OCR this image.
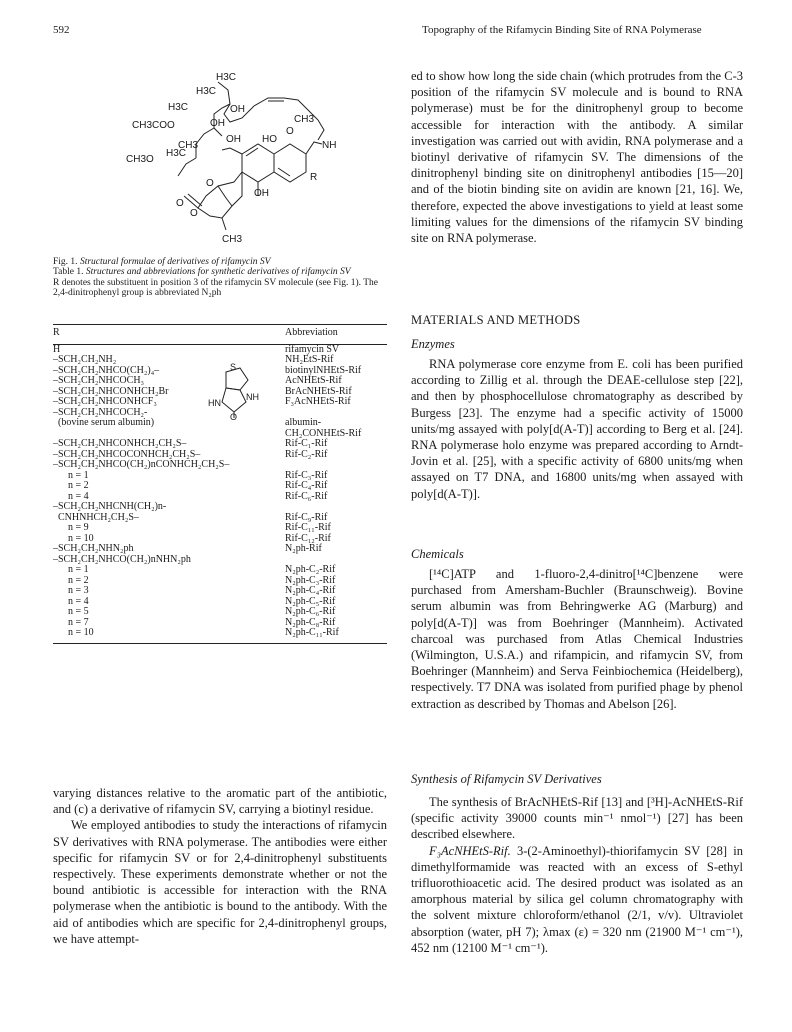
592	Topography of the Rifamycin Binding Site of RNA Polymerase
H3C
H3C
H3C	OH
CH3
CH3COO	OH
CH3
OH HO
O
NH
CH3O
H3C
R
O
OH
O
CH3
O
Fig. 1. Structural formulae of derivatives of rifamycin SV
Table 1. Structures and abbreviations for synthetic derivatives of rifamycin SV
R denotes the substituent in position 3 of the rifamycin SV molecule (see Fig. 1). The 2,4-dinitrophenyl group is abbreviated N₂ph
R	Abbreviation
H	rifamycin SV
–SCH₂CH₂NH₂	NH₂EtS-Rif
–SCH₂CH₂NHCO(CH₂)₄–	biotinylNHEtS-Rif

–SCH₂CH₂NHCOCH₃	AcNHEtS-Rif
–SCH₂CH₂NHCONHCH₂Br	BrAcNHEtS-Rif
–SCH₂CH₂NHCONHCF₃	F₃AcNHEtS-Rif
–SCH₂CH₂NHCOCH₂-	
(bovine serum albumin)	albumin-
	CH₂CONHEtS-Rif
–SCH₂CH₂NHCONHCH₂CH₂S–	Rif-C₁-Rif
–SCH₂CH₂NHCOCONHCH₂CH₂S–	Rif-C₂-Rif
–SCH₂CH₂NHCO(CH₂)nCONHCH₂CH₂S–	
n = 1	Rif-C₃-Rif
n = 2	Rif-C₄-Rif
n = 4	Rif-C₆-Rif
–SCH₂CH₂NHCNH(CH₂)n-	
CNHNHCH₂CH₂S–	Rif-C₉-Rif
n = 9	Rif-C₁₁-Rif
n = 10	Rif-C₁₂-Rif
–SCH₂CH₂NHN₂ph	N₂ph-Rif
–SCH₂CH₂NHCO(CH₂)nNHN₂ph	
n = 1	N₂ph-C₂-Rif
n = 2	N₂ph-C₃-Rif
n = 3	N₂ph-C₄-Rif
n = 4	N₂ph-C₅-Rif
n = 5	N₂ph-C₆-Rif
n = 7	N₂ph-C₈-Rif
n = 10	N₂ph-C₁₁-Rif
S
HN
NH
O

varying distances relative to the aromatic part of the antibiotic, and (c) a derivative of rifamycin SV, carrying a biotinyl residue.

We employed antibodies to study the interactions of rifamycin SV derivatives with RNA polymerase. The antibodies were either specific for rifamycin SV or for 2,4-dinitrophenyl substituents respectively. These experiments demonstrate whether or not the bound antibiotic is accessible for interaction with the RNA polymerase when the antibiotic is bound to the antibody. With the aid of antibodies which are specific for 2,4-dinitrophenyl groups, we have attempt-

ed to show how long the side chain (which protrudes from the C-3 position of the rifamycin SV molecule and is bound to RNA polymerase) must be for the dinitrophenyl group to become accessible for interaction with the antibody. A similar investigation was carried out with avidin, RNA polymerase and a biotinyl derivative of rifamycin SV. The dimensions of the dinitrophenyl binding site on dinitrophenyl antibodies [15—20] and of the biotin binding site on avidin are known [21, 16]. We, therefore, expected the above investigations to yield at least some limiting values for the dimensions of the rifamycin SV binding site on RNA polymerase.

MATERIALS AND METHODS
Enzymes

RNA polymerase core enzyme from E. coli has been purified according to Zillig et al. through the DEAE-cellulose step [22], and then by phosphocellulose chromatography as described by Burgess [23]. The enzyme had a specific activity of 15000 units/mg assayed with poly[d(A-T)] according to Berg et al. [24]. RNA polymerase holo enzyme was prepared according to Arndt-Jovin et al. [25], with a specific activity of 6800 units/mg when assayed on T7 DNA, and 16800 units/mg when assayed with poly[d(A-T)].

Chemicals

[¹⁴C]ATP and 1-fluoro-2,4-dinitro[¹⁴C]benzene were purchased from Amersham-Buchler (Braunschweig). Bovine serum albumin was from Behringwerke AG (Marburg) and poly[d(A-T)] was from Boehringer (Mannheim). Activated charcoal was purchased from Atlas Chemical Industries (Wilmington, U.S.A.) and rifampicin, and rifamycin SV, from Boehringer (Mannheim) and Serva Feinbiochemica (Heidelberg), respectively. T7 DNA was isolated from purified phage by phenol extraction as described by Thomas and Abelson [26].

Synthesis of Rifamycin SV Derivatives

The synthesis of BrAcNHEtS-Rif [13] and [³H]-AcNHEtS-Rif (specific activity 39000 counts min⁻¹ nmol⁻¹) [27] has been described elsewhere.

F₃AcNHEtS-Rif. 3-(2-Aminoethyl)-thiorifamycin SV [28] in dimethylformamide was reacted with an excess of S-ethyl trifluorothioacetic acid. The desired product was isolated as an amorphous material by silica gel column chromatography with the solvent mixture chloroform/ethanol (2/1, v/v). Ultraviolet absorption (water, pH 7); λmax (ε) = 320 nm (21900 M⁻¹ cm⁻¹), 452 nm (12100 M⁻¹ cm⁻¹).
